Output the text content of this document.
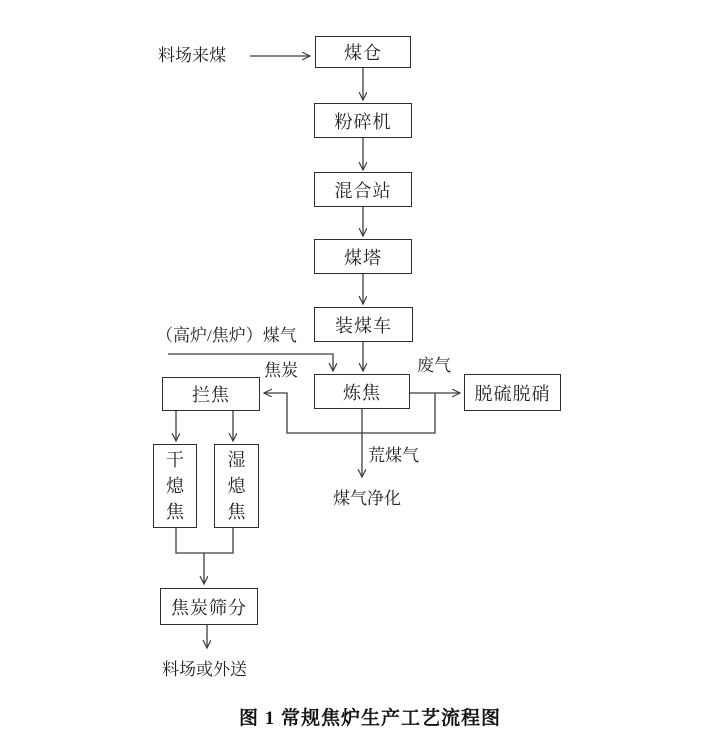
料场来煤
（高炉/焦炉）煤气
焦炭	废气
荒煤气
煤气净化
料场或外送
煤仓
粉碎机
混合站
煤塔
装煤车
炼焦
拦焦	脱硫脱硝
干熄焦
湿熄焦
焦炭筛分
图 1 常规焦炉生产工艺流程图
